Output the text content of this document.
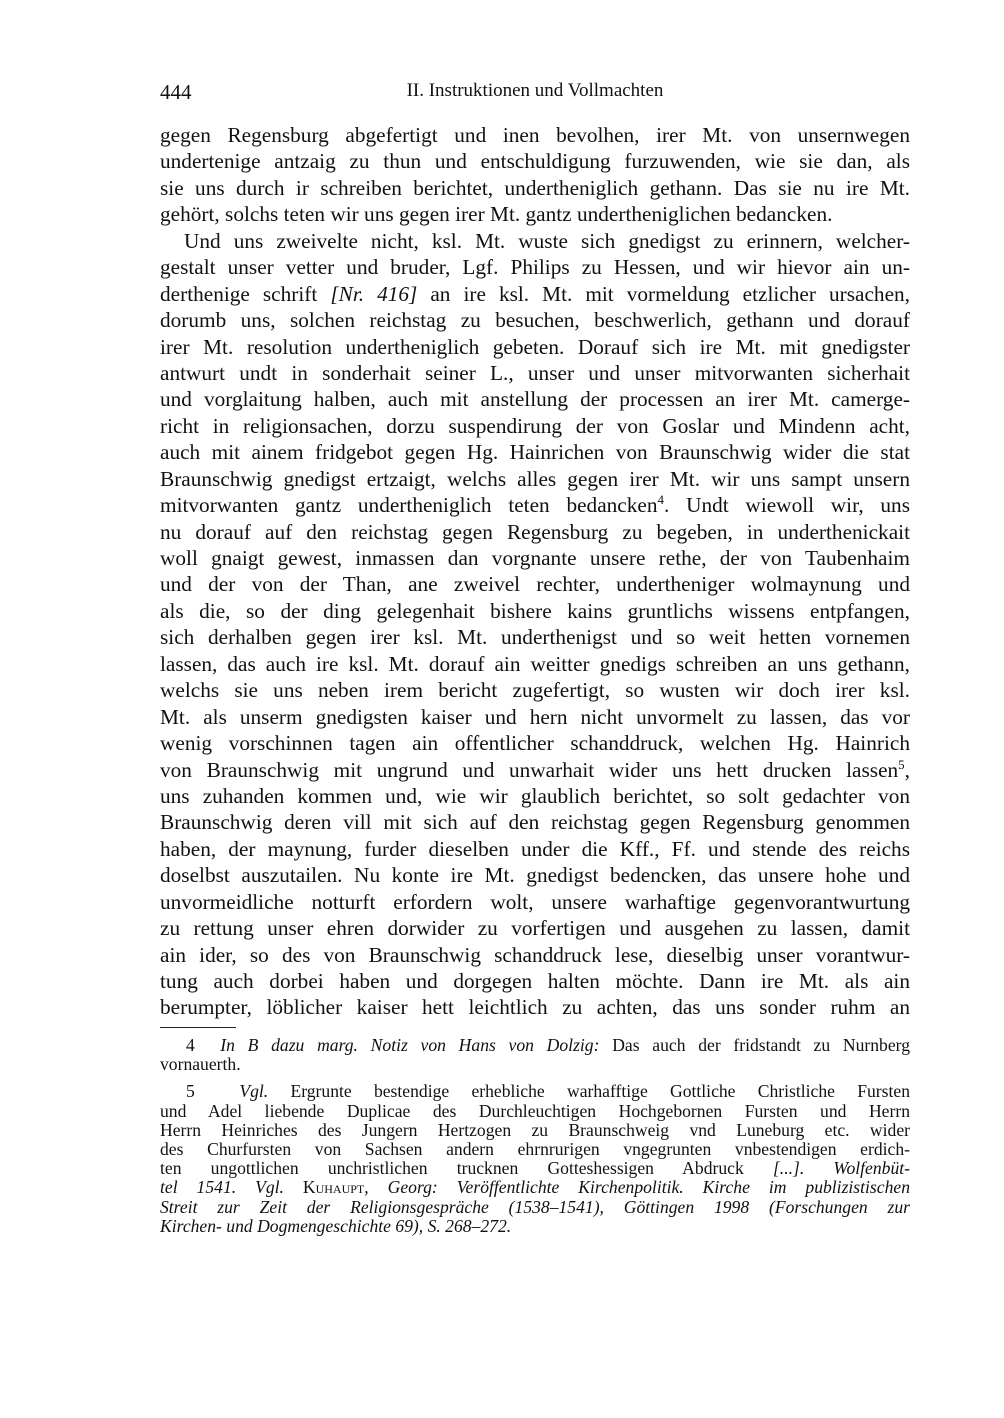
444	II. Instruktionen und Vollmachten
gegen Regensburg abgefertigt und inen bevolhen, irer Mt. von unsernwegen
undertenige antzaig zu thun und entschuldigung furzuwenden, wie sie dan, als
sie uns durch ir schreiben berichtet, undertheniglich gethann. Das sie nu ire Mt.
gehört, solchs teten wir uns gegen irer Mt. gantz undertheniglichen bedancken.
Und uns zweivelte nicht, ksl. Mt. wuste sich gnedigst zu erinnern, welcher-
gestalt unser vetter und bruder, Lgf. Philips zu Hessen, und wir hievor ain un-
derthenige schrift [Nr. 416] an ire ksl. Mt. mit vormeldung etzlicher ursachen,
dorumb uns, solchen reichstag zu besuchen, beschwerlich, gethann und dorauf
irer Mt. resolution undertheniglich gebeten. Dorauf sich ire Mt. mit gnedigster
antwurt undt in sonderhait seiner L., unser und unser mitvorwanten sicherhait
und vorglaitung halben, auch mit anstellung der processen an irer Mt. camerge-
richt in religionsachen, dorzu suspendirung der von Goslar und Mindenn acht,
auch mit ainem fridgebot gegen Hg. Hainrichen von Braunschwig wider die stat
Braunschwig gnedigst ertzaigt, welchs alles gegen irer Mt. wir uns sampt unsern
mitvorwanten gantz undertheniglich teten bedancken$^4$. Undt wiewoll wir, uns
nu dorauf auf den reichstag gegen Regensburg zu begeben, in underthenickait
woll gnaigt gewest, inmassen dan vorgnante unsere rethe, der von Taubenhaim
und der von der Than, ane zweivel rechter, undertheniger wolmaynung und
als die, so der ding gelegenhait bishere kains gruntlichs wissens entpfangen,
sich derhalben gegen irer ksl. Mt. underthenigst und so weit hetten vornemen
lassen, das auch ire ksl. Mt. dorauf ain weitter gnedigs schreiben an uns gethann,
welchs sie uns neben irem bericht zugefertigt, so wusten wir doch irer ksl.
Mt. als unserm gnedigsten kaiser und hern nicht unvormelt zu lassen, das vor
wenig vorschinnen tagen ain offentlicher schanddruck, welchen Hg. Hainrich
von Braunschwig mit ungrund und unwarhait wider uns hett drucken lassen$^5$,
uns zuhanden kommen und, wie wir glaublich berichtet, so solt gedachter von
Braunschwig deren vill mit sich auf den reichstag gegen Regensburg genommen
haben, der maynung, furder dieselben under die Kff., Ff. und stende des reichs
doselbst auszutailen. Nu konte ire Mt. gnedigst bedencken, das unsere hohe und
unvormeidliche notturft erfordern wolt, unsere warhaftige gegenvorantwurtung
zu rettung unser ehren dorwider zu vorfertigen und ausgehen zu lassen, damit
ain ider, so des von Braunschwig schanddruck lese, dieselbig unser vorantwur-
tung auch dorbei haben und dorgegen halten möchte. Dann ire Mt. als ain
berumpter, löblicher kaiser hett leichtlich zu achten, das uns sonder ruhm an
4 In B dazu marg. Notiz von Hans von Dolzig: Das auch der fridstandt zu Nurnberg
vornauerth.
5	Vgl. Ergrunte bestendige erhebliche warhafftige Gottliche Christliche Fursten
und Adel liebende Duplicae des Durchleuchtigen Hochgebornen Fursten und Herrn
Herrn Heinriches des Jungern Hertzogen zu Braunschweig vnd Luneburg etc. wider
des Churfursten von Sachsen andern ehrnrurigen vngegrunten vnbestendigen erdich-
ten ungottlichen unchristlichen trucknen Gotteshessigen Abdruck [...]. Wolfenbüt-
tel 1541. Vgl. Kuhaupt, Georg: Veröffentlichte Kirchenpolitik. Kirche im publizistischen
Streit zur Zeit der Religionsgespräche (1538–1541), Göttingen 1998 (Forschungen zur
Kirchen- und Dogmengeschichte 69), S. 268–272.
